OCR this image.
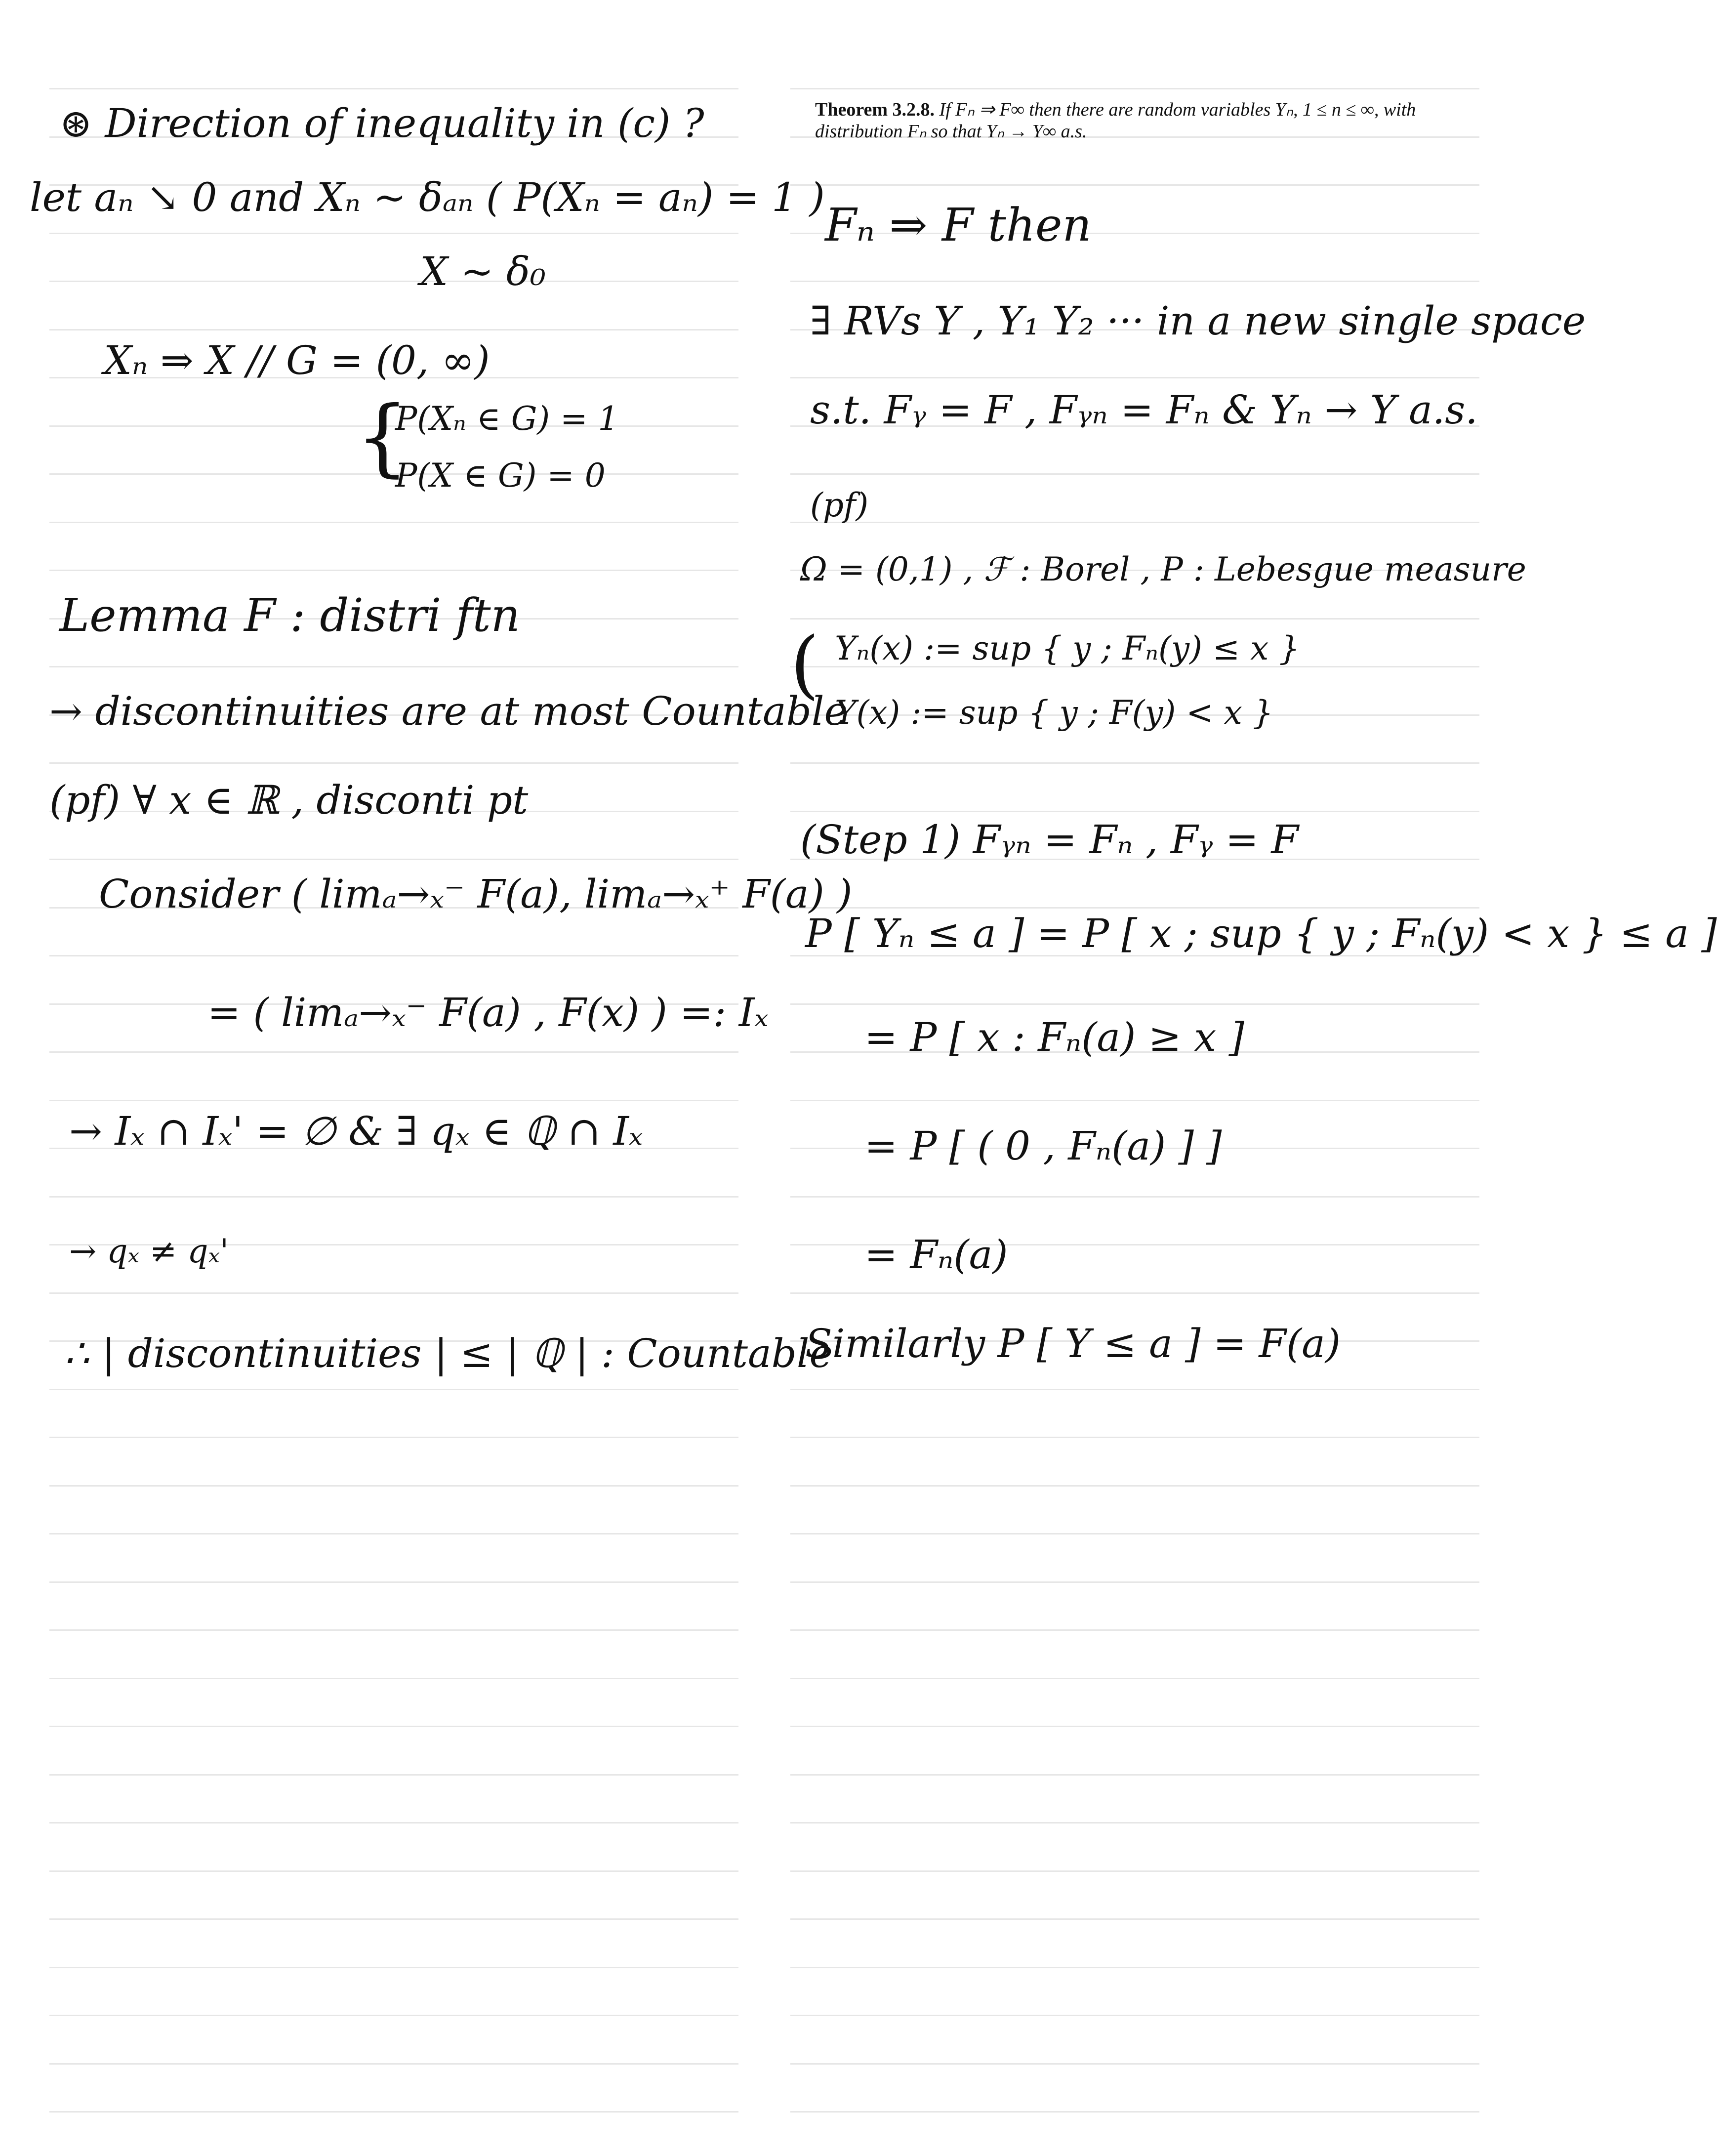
Theorem 3.2.8. If Fₙ ⇒ F∞ then there are random variables Yₙ, 1 ≤ n ≤ ∞, with distribution Fₙ so that Yₙ → Y∞ a.s.
⊛ Direction of inequality in (c) ?
let aₙ ↘ 0 and Xₙ ~ δₐₙ ( P(Xₙ = aₙ) = 1 )
X ~ δ₀
Xₙ ⇒ X // G = (0, ∞)
{
P(Xₙ ∈ G) = 1
P(X ∈ G) = 0
Lemma F : distri ftn
→ discontinuities are at most Countable
(pf) ∀ x ∈ ℝ , disconti pt
Consider ( limₐ→ₓ⁻ F(a), limₐ→ₓ⁺ F(a) )
= ( limₐ→ₓ⁻ F(a) , F(x) ) =: Iₓ
→ Iₓ ∩ Iₓ' = ∅ & ∃ qₓ ∈ ℚ ∩ Iₓ
→ qₓ ≠ qₓ'
∴ | discontinuities | ≤ | ℚ | : Countable
Fₙ ⇒ F then
∃ RVs Y , Y₁ Y₂ ··· in a new single space
s.t. Fᵧ = F , Fᵧₙ = Fₙ & Yₙ → Y a.s.
(pf)
Ω = (0,1) , ℱ : Borel , P : Lebesgue measure
( Yₙ(x) := sup { y ; Fₙ(y) ≤ x }
Y(x) := sup { y ; F(y) < x }
(Step 1) Fᵧₙ = Fₙ , Fᵧ = F
P [ Yₙ ≤ a ] = P [ x ; sup { y ; Fₙ(y) < x } ≤ a ]
= P [ x : Fₙ(a) ≥ x ]
= P [ ( 0 , Fₙ(a) ] ]
= Fₙ(a)
Similarly P [ Y ≤ a ] = F(a)
